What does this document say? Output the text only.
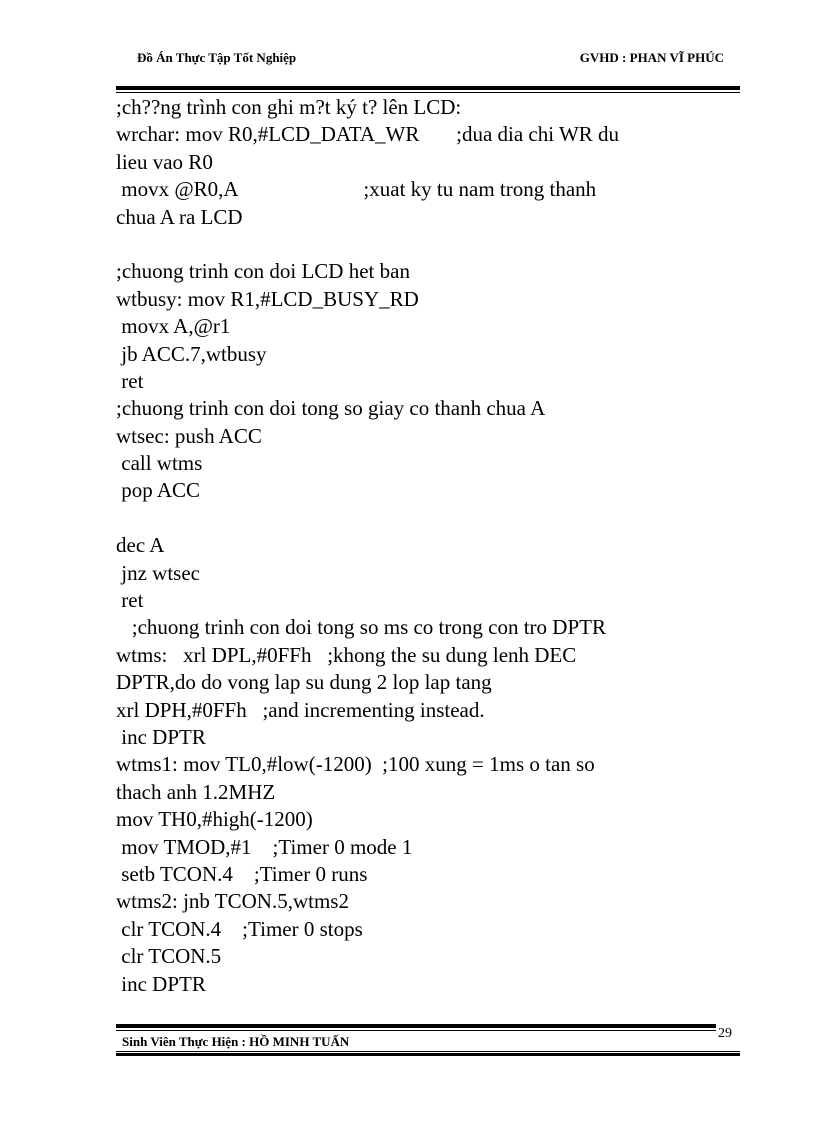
Đồ Án Thực Tập Tốt Nghiệp	GVHD : PHAN VĨ PHÚC
;ch??ng trình con ghi m?t ký t? lên LCD:
wrchar: mov R0,#LCD_DATA_WR       ;dua dia chi WR du
lieu vao R0
movx @R0,A                        ;xuat ky tu nam trong thanh
chua A ra LCD
;chuong trinh con doi LCD het ban
wtbusy: mov R1,#LCD_BUSY_RD
movx A,@r1
jb ACC.7,wtbusy
ret
;chuong trinh con doi tong so giay co thanh chua A
wtsec: push ACC
call wtms
pop ACC
dec A
jnz wtsec
ret
;chuong trinh con doi tong so ms co trong con tro DPTR
wtms:   xrl DPL,#0FFh   ;khong the su dung lenh DEC
DPTR,do do vong lap su dung 2 lop lap tang
xrl DPH,#0FFh   ;and incrementing instead.
inc DPTR
wtms1: mov TL0,#low(-1200)  ;100 xung = 1ms o tan so
thach anh 1.2MHZ
mov TH0,#high(-1200)
mov TMOD,#1    ;Timer 0 mode 1
setb TCON.4    ;Timer 0 runs
wtms2: jnb TCON.5,wtms2
clr TCON.4    ;Timer 0 stops
clr TCON.5
inc DPTR
Sinh Viên Thực Hiện : HỒ MINH TUẤN
29
